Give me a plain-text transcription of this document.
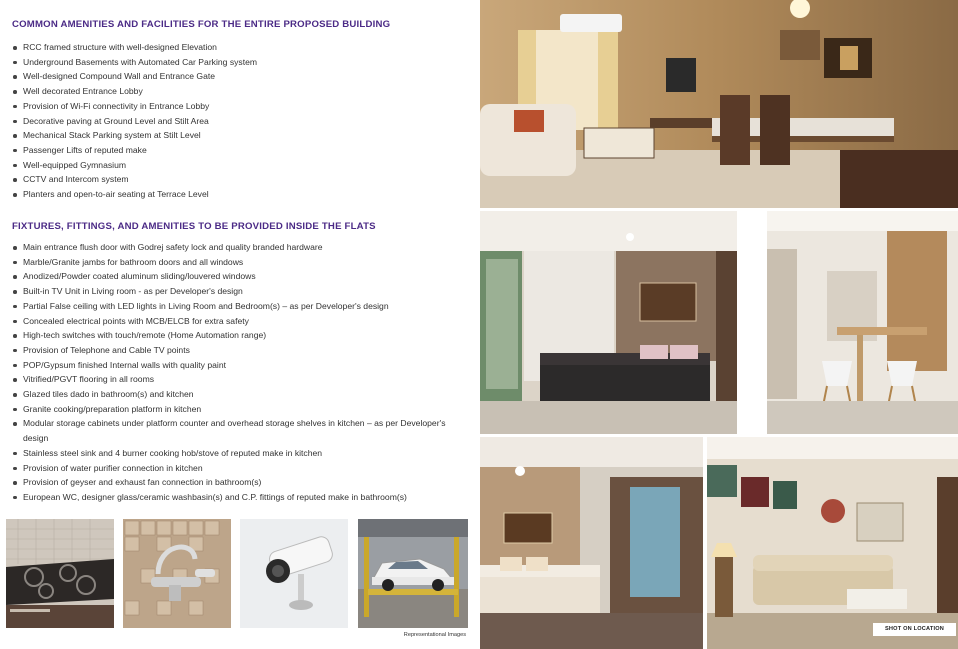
COMMON AMENITIES AND FACILITIES FOR THE ENTIRE PROPOSED BUILDING
RCC framed structure with well-designed Elevation
Underground Basements with Automated Car Parking system
Well-designed Compound Wall and Entrance Gate
Well decorated Entrance Lobby
Provision of Wi-Fi connectivity in Entrance Lobby
Decorative paving at Ground Level and Stilt Area
Mechanical Stack Parking system at Stilt Level
Passenger Lifts of reputed make
Well-equipped Gymnasium
CCTV and Intercom system
Planters and open-to-air seating at Terrace Level
FIXTURES, FITTINGS, AND AMENITIES TO BE PROVIDED INSIDE THE FLATS
Main entrance flush door with Godrej safety lock and quality branded hardware
Marble/Granite jambs for bathroom doors and all windows
Anodized/Powder coated aluminum sliding/louvered windows
Built-in TV Unit in Living room - as per Developer's design
Partial False ceiling with LED lights in Living Room and Bedroom(s) – as per Developer's design
Concealed electrical points with MCB/ELCB for extra safety
High-tech switches with touch/remote (Home Automation range)
Provision of Telephone and Cable TV points
POP/Gypsum finished Internal walls with quality paint
Vitrified/PGVT flooring in all rooms
Glazed tiles dado in bathroom(s) and kitchen
Granite cooking/preparation platform in kitchen
Modular storage cabinets under platform counter and overhead storage shelves in kitchen – as per Developer's design
Stainless steel sink and 4 burner cooking hob/stove of reputed make in kitchen
Provision of water purifier connection in kitchen
Provision of geyser and exhaust fan connection in bathroom(s)
European WC, designer glass/ceramic washbasin(s) and C.P. fittings of reputed make in bathroom(s)
Representational Images
SHOT ON LOCATION
